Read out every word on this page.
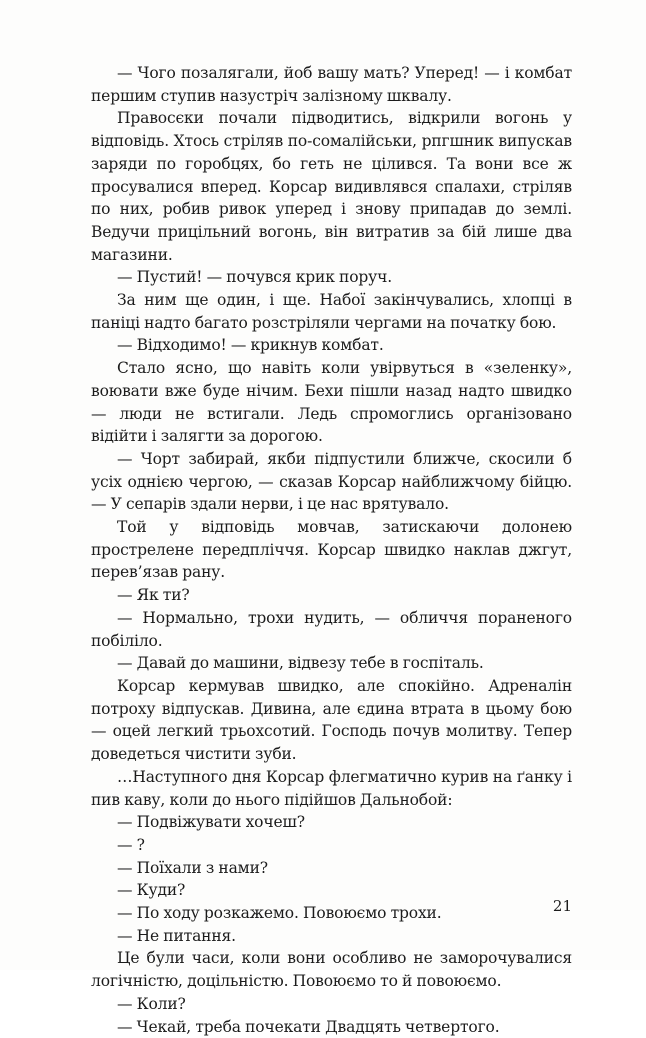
— Чого позалягали, йоб вашу мать? Уперед! — і комбат першим ступив назустріч залізному шквалу.

Правосєки почали підводитись, відкрили вогонь у відповідь. Хтось стріляв по-сомалійськи, рпгшник випускав заряди по горобцях, бо геть не цілився. Та вони все ж просувалися вперед. Корсар видивлявся спалахи, стріляв по них, робив ривок уперед і знову припадав до землі. Ведучи прицільний вогонь, він витратив за бій лише два магазини.

— Пустий! — почувся крик поруч.

За ним ще один, і ще. Набої закінчувались, хлопці в паніці надто багато розстріляли чергами на початку бою.

— Відходимо! — крикнув комбат.

Стало ясно, що навіть коли увірвуться в «зеленку», воювати вже буде нічим. Бехи пішли назад надто швидко — люди не встигали. Ледь спромоглись організовано відійти і залягти за дорогою.

— Чорт забирай, якби підпустили ближче, скосили б усіх однією чергою, — сказав Корсар найближчому бійцю. — У сепарів здали нерви, і це нас врятувало.

Той у відповідь мовчав, затискаючи долонею прострелене передпліччя. Корсар швидко наклав джгут, перев’язав рану.

— Як ти?

— Нормально, трохи нудить, — обличчя пораненого побіліло.

— Давай до машини, відвезу тебе в госпіталь.

Корсар кермував швидко, але спокійно. Адреналін потроху відпускав. Дивина, але єдина втрата в цьому бою — оцей легкий трьохсотий. Господь почув молитву. Тепер доведеться чистити зуби.

…Наступного дня Корсар флегматично курив на ґанку і пив каву, коли до нього підійшов Дальнобой:

— Подвіжувати хочеш?

— ?

— Поїхали з нами?

— Куди?

— По ходу розкажемо. Повоюємо трохи.

— Не питання.

Це були часи, коли вони особливо не заморочувалися логічністю, доцільністю. Повоюємо то й повоюємо.

— Коли?

— Чекай, треба почекати Двадцять четвертого.

21
